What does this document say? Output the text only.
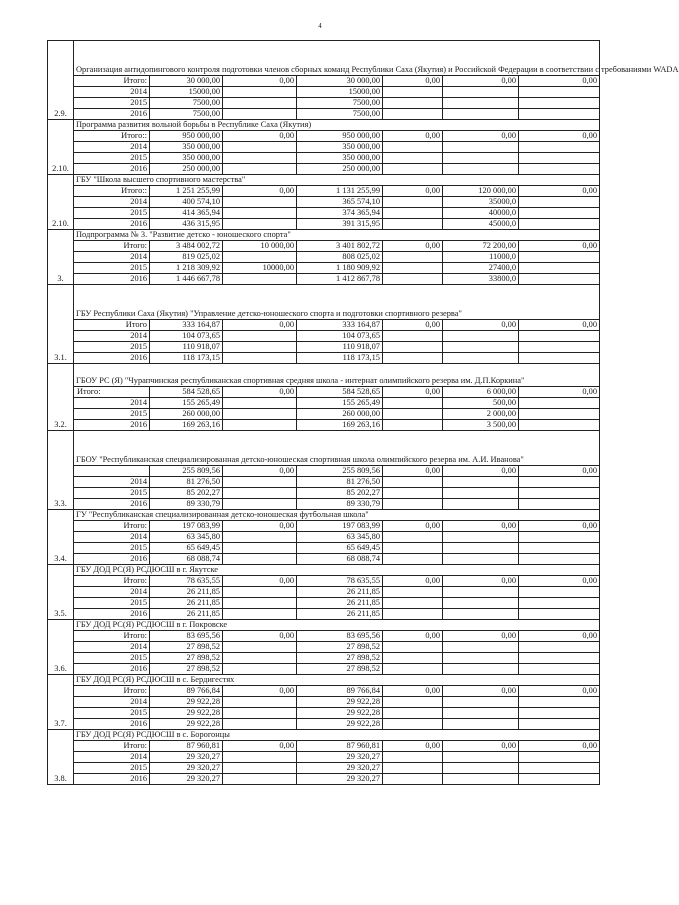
4
2.9.	Организация антидопингового контроля подготовки членов сборных команд Республики Саха (Якутия) и Российской Федерации в соответствии с требованиями WADA						
	Итого:	30 000,00	0,00	30 000,00	0,00	0,00	0,00
	2014	15000,00		15000,00			
	2015	7500,00		7500,00			
	2016	7500,00		7500,00			
2.10.	Программа развития вольной борьбы в Республике Саха (Якутия)						
	Итого::	950 000,00	0,00	950 000,00	0,00	0,00	0,00
	2014	350 000,00		350 000,00			
	2015	350 000,00		350 000,00			
	2016	250 000,00		250 000,00			
2.10.	ГБУ "Школа высшего спортивного мастерства"						
	Итого::	1 251 255,99	0,00	1 131 255,99	0,00	120 000,00	0,00
	2014	400 574,10		365 574,10		35000,0	
	2015	414 365,94		374 365,94		40000,0	
	2016	436 315,95		391 315,95		45000,0	
3.	Подпрограмма № 3. "Развитие детско - юношеского спорта"						
	Итого:	3 484 002,72	10 000,00	3 401 802,72	0,00	72 200,00	0,00
	2014	819 025,02		808 025,02		11000,0	
	2015	1 218 309,92	10000,00	1 180 909,92		27400,0	
	2016	1 446 667,78		1 412 867,78		33800,0	
3.1.	ГБУ Республики Саха (Якутия) "Управление детско-юношеского спорта и подготовки спортивного резерва"						
	Итого	333 164,87	0,00	333 164,87	0,00	0,00	0,00
	2014	104 073,65		104 073,65			
	2015	110 918,07		110 918,07			
	2016	118 173,15		118 173,15			
3.2.	ГБОУ РС (Я) "Чурапчинская республиканская спортивная средняя школа - интернат олимпийского резерва им. Д.П.Коркина"						
	Итого:	584 528,65	0,00	584 528,65	0,00	6 000,00	0,00
	2014	155 265,49		155 265,49		500,00	
	2015	260 000,00		260 000,00		2 000,00	
	2016	169 263,16		169 263,16		3 500,00	
3.3.	ГБОУ "Республиканская специализированная детско-юношеская спортивная школа олимпийского резерва им. А.И. Иванова"						
		255 809,56	0,00	255 809,56	0,00	0,00	0,00
	2014	81 276,50		81 276,50			
	2015	85 202,27		85 202,27			
	2016	89 330,79		89 330,79			
3.4.	ГУ "Республиканская специализированная детско-юношеская футбольная школа"						
	Итого:	197 083,99	0,00	197 083,99	0,00	0,00	0,00
	2014	63 345,80		63 345,80			
	2015	65 649,45		65 649,45			
	2016	68 088,74		68 088,74			
3.5.	ГБУ ДОД РС(Я) РСДЮСШ в г. Якутске						
	Итого:	78 635,55	0,00	78 635,55	0,00	0,00	0,00
	2014	26 211,85		26 211,85			
	2015	26 211,85		26 211,85			
	2016	26 211,85		26 211,85			
3.6.	ГБУ ДОД РС(Я) РСДЮСШ в г. Покровске						
	Итого:	83 695,56	0,00	83 695,56	0,00	0,00	0,00
	2014	27 898,52		27 898,52			
	2015	27 898,52		27 898,52			
	2016	27 898,52		27 898,52			
3.7.	ГБУ ДОД РС(Я) РСДЮСШ в с. Бердигестях						
	Итого:	89 766,84	0,00	89 766,84	0,00	0,00	0,00
	2014	29 922,28		29 922,28			
	2015	29 922,28		29 922,28			
	2016	29 922,28		29 922,28			
3.8.	ГБУ ДОД РС(Я) РСДЮСШ в с. Борогонцы						
	Итого:	87 960,81	0,00	87 960,81	0,00	0,00	0,00
	2014	29 320,27		29 320,27			
	2015	29 320,27		29 320,27			
	2016	29 320,27		29 320,27			
